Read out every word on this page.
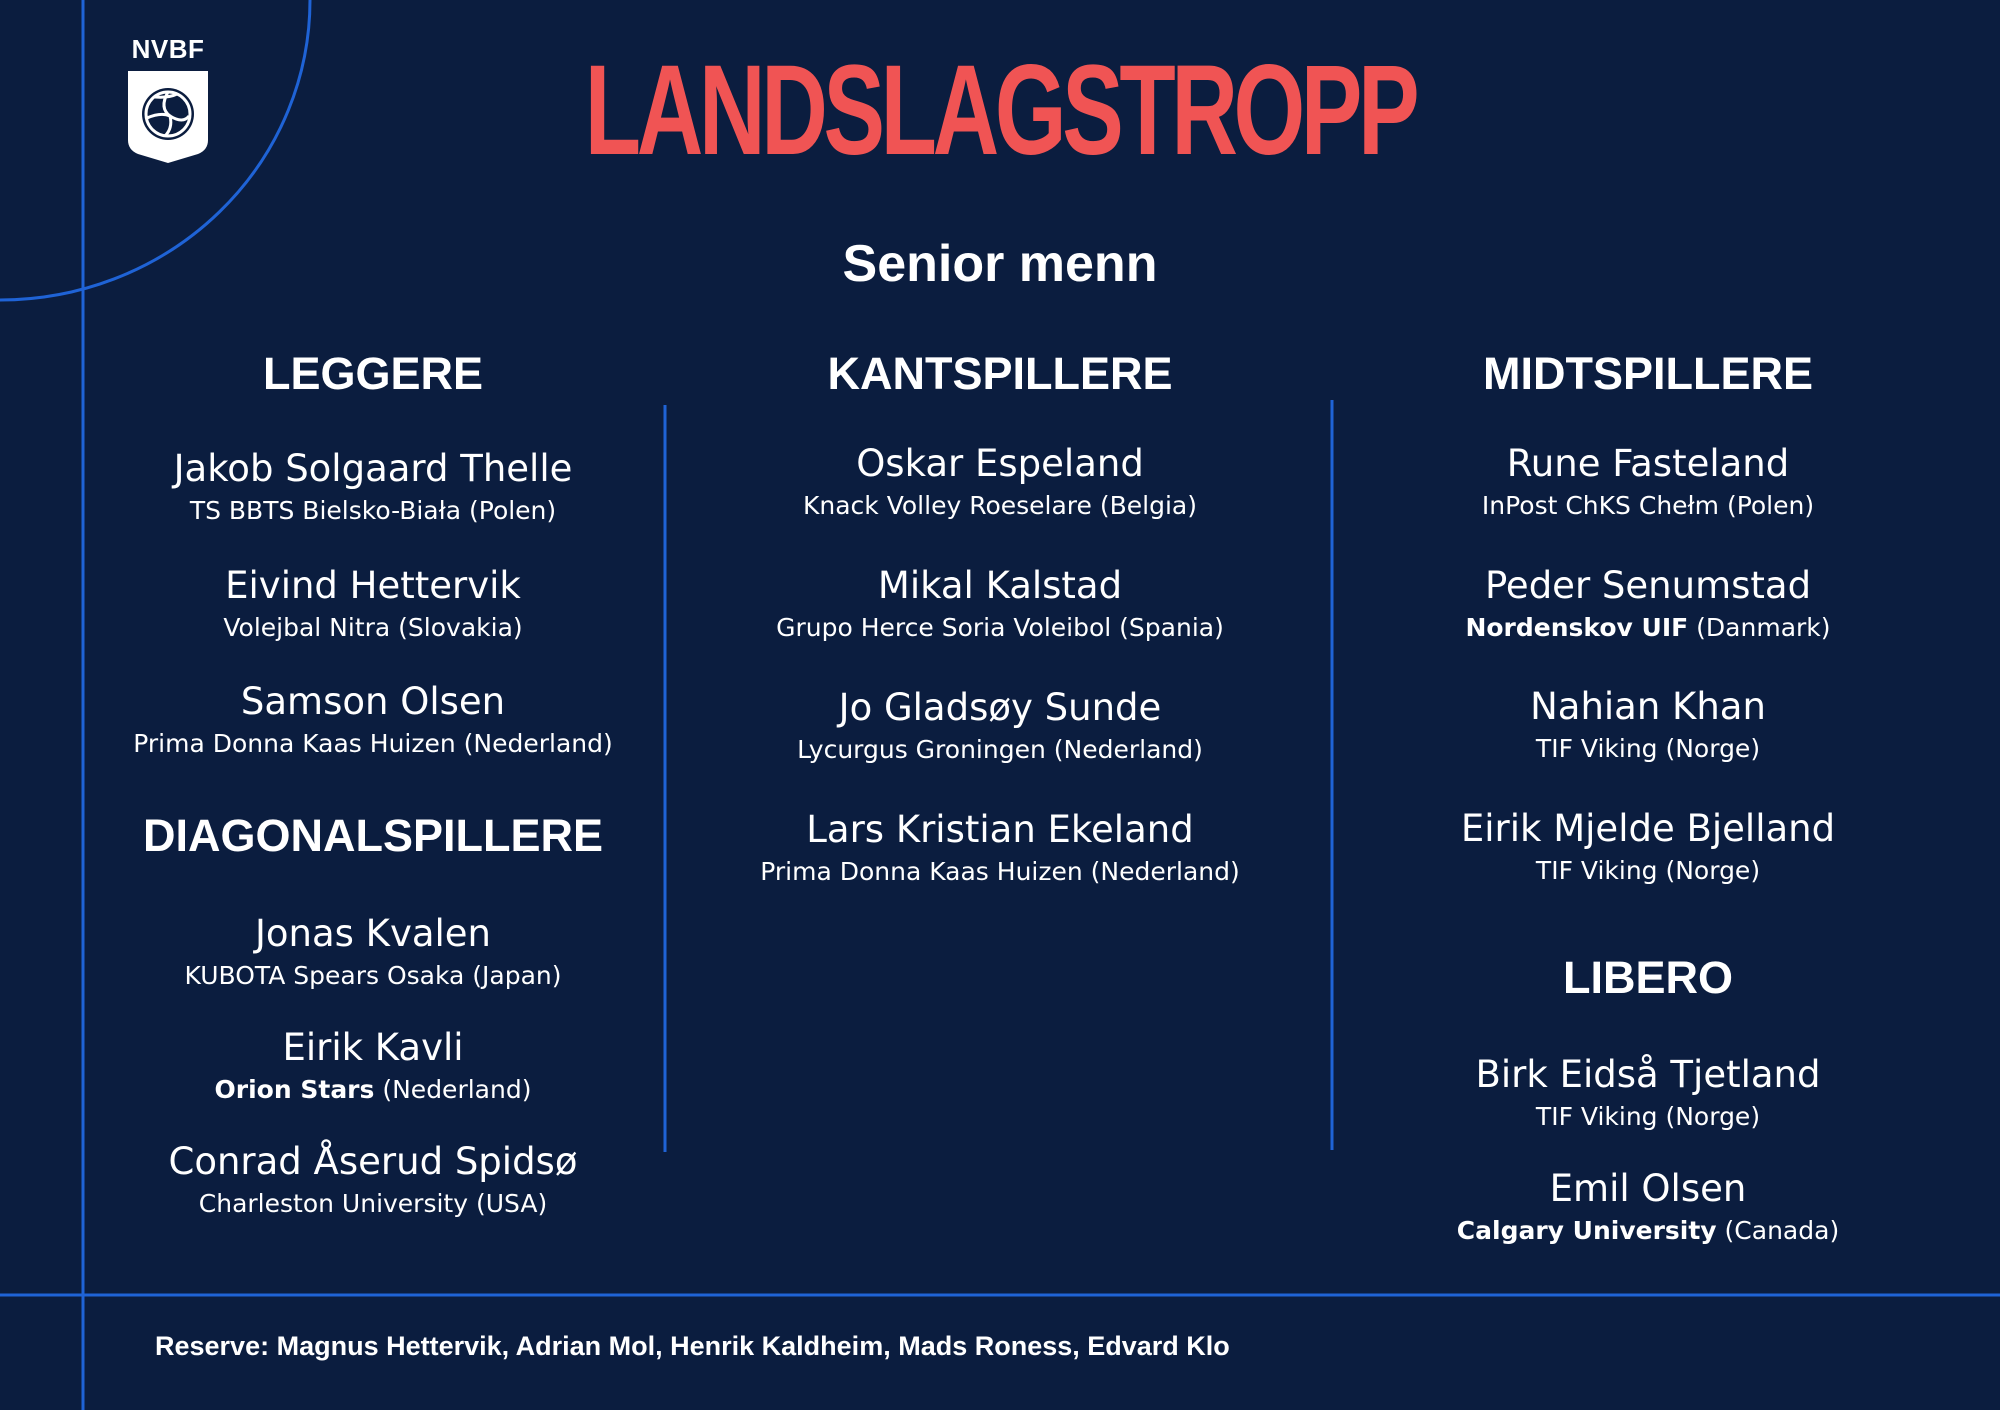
NVBF	LANDSLAGSTROPP
Senior menn
LEGGERE
Jakob Solgaard Thelle
TS BBTS Bielsko-Biała (Polen)
Eivind Hettervik
Volejbal Nitra (Slovakia)
Samson Olsen
Prima Donna Kaas Huizen (Nederland)
DIAGONALSPILLERE
Jonas Kvalen
KUBOTA Spears Osaka (Japan)
Eirik Kavli
Orion Stars (Nederland)
Conrad Åserud Spidsø
Charleston University (USA)
KANTSPILLERE
Oskar Espeland
Knack Volley Roeselare (Belgia)
Mikal Kalstad
Grupo Herce Soria Voleibol (Spania)
Jo Gladsøy Sunde
Lycurgus Groningen (Nederland)
Lars Kristian Ekeland
Prima Donna Kaas Huizen (Nederland)
MIDTSPILLERE
Rune Fasteland
InPost ChKS Chełm (Polen)
Peder Senumstad
Nordenskov UIF (Danmark)
Nahian Khan
TIF Viking (Norge)
Eirik Mjelde Bjelland
TIF Viking (Norge)
LIBERO
Birk Eidså Tjetland
TIF Viking (Norge)
Emil Olsen
Calgary University (Canada)
Reserve: Magnus Hettervik, Adrian Mol, Henrik Kaldheim, Mads Roness, Edvard Klo
